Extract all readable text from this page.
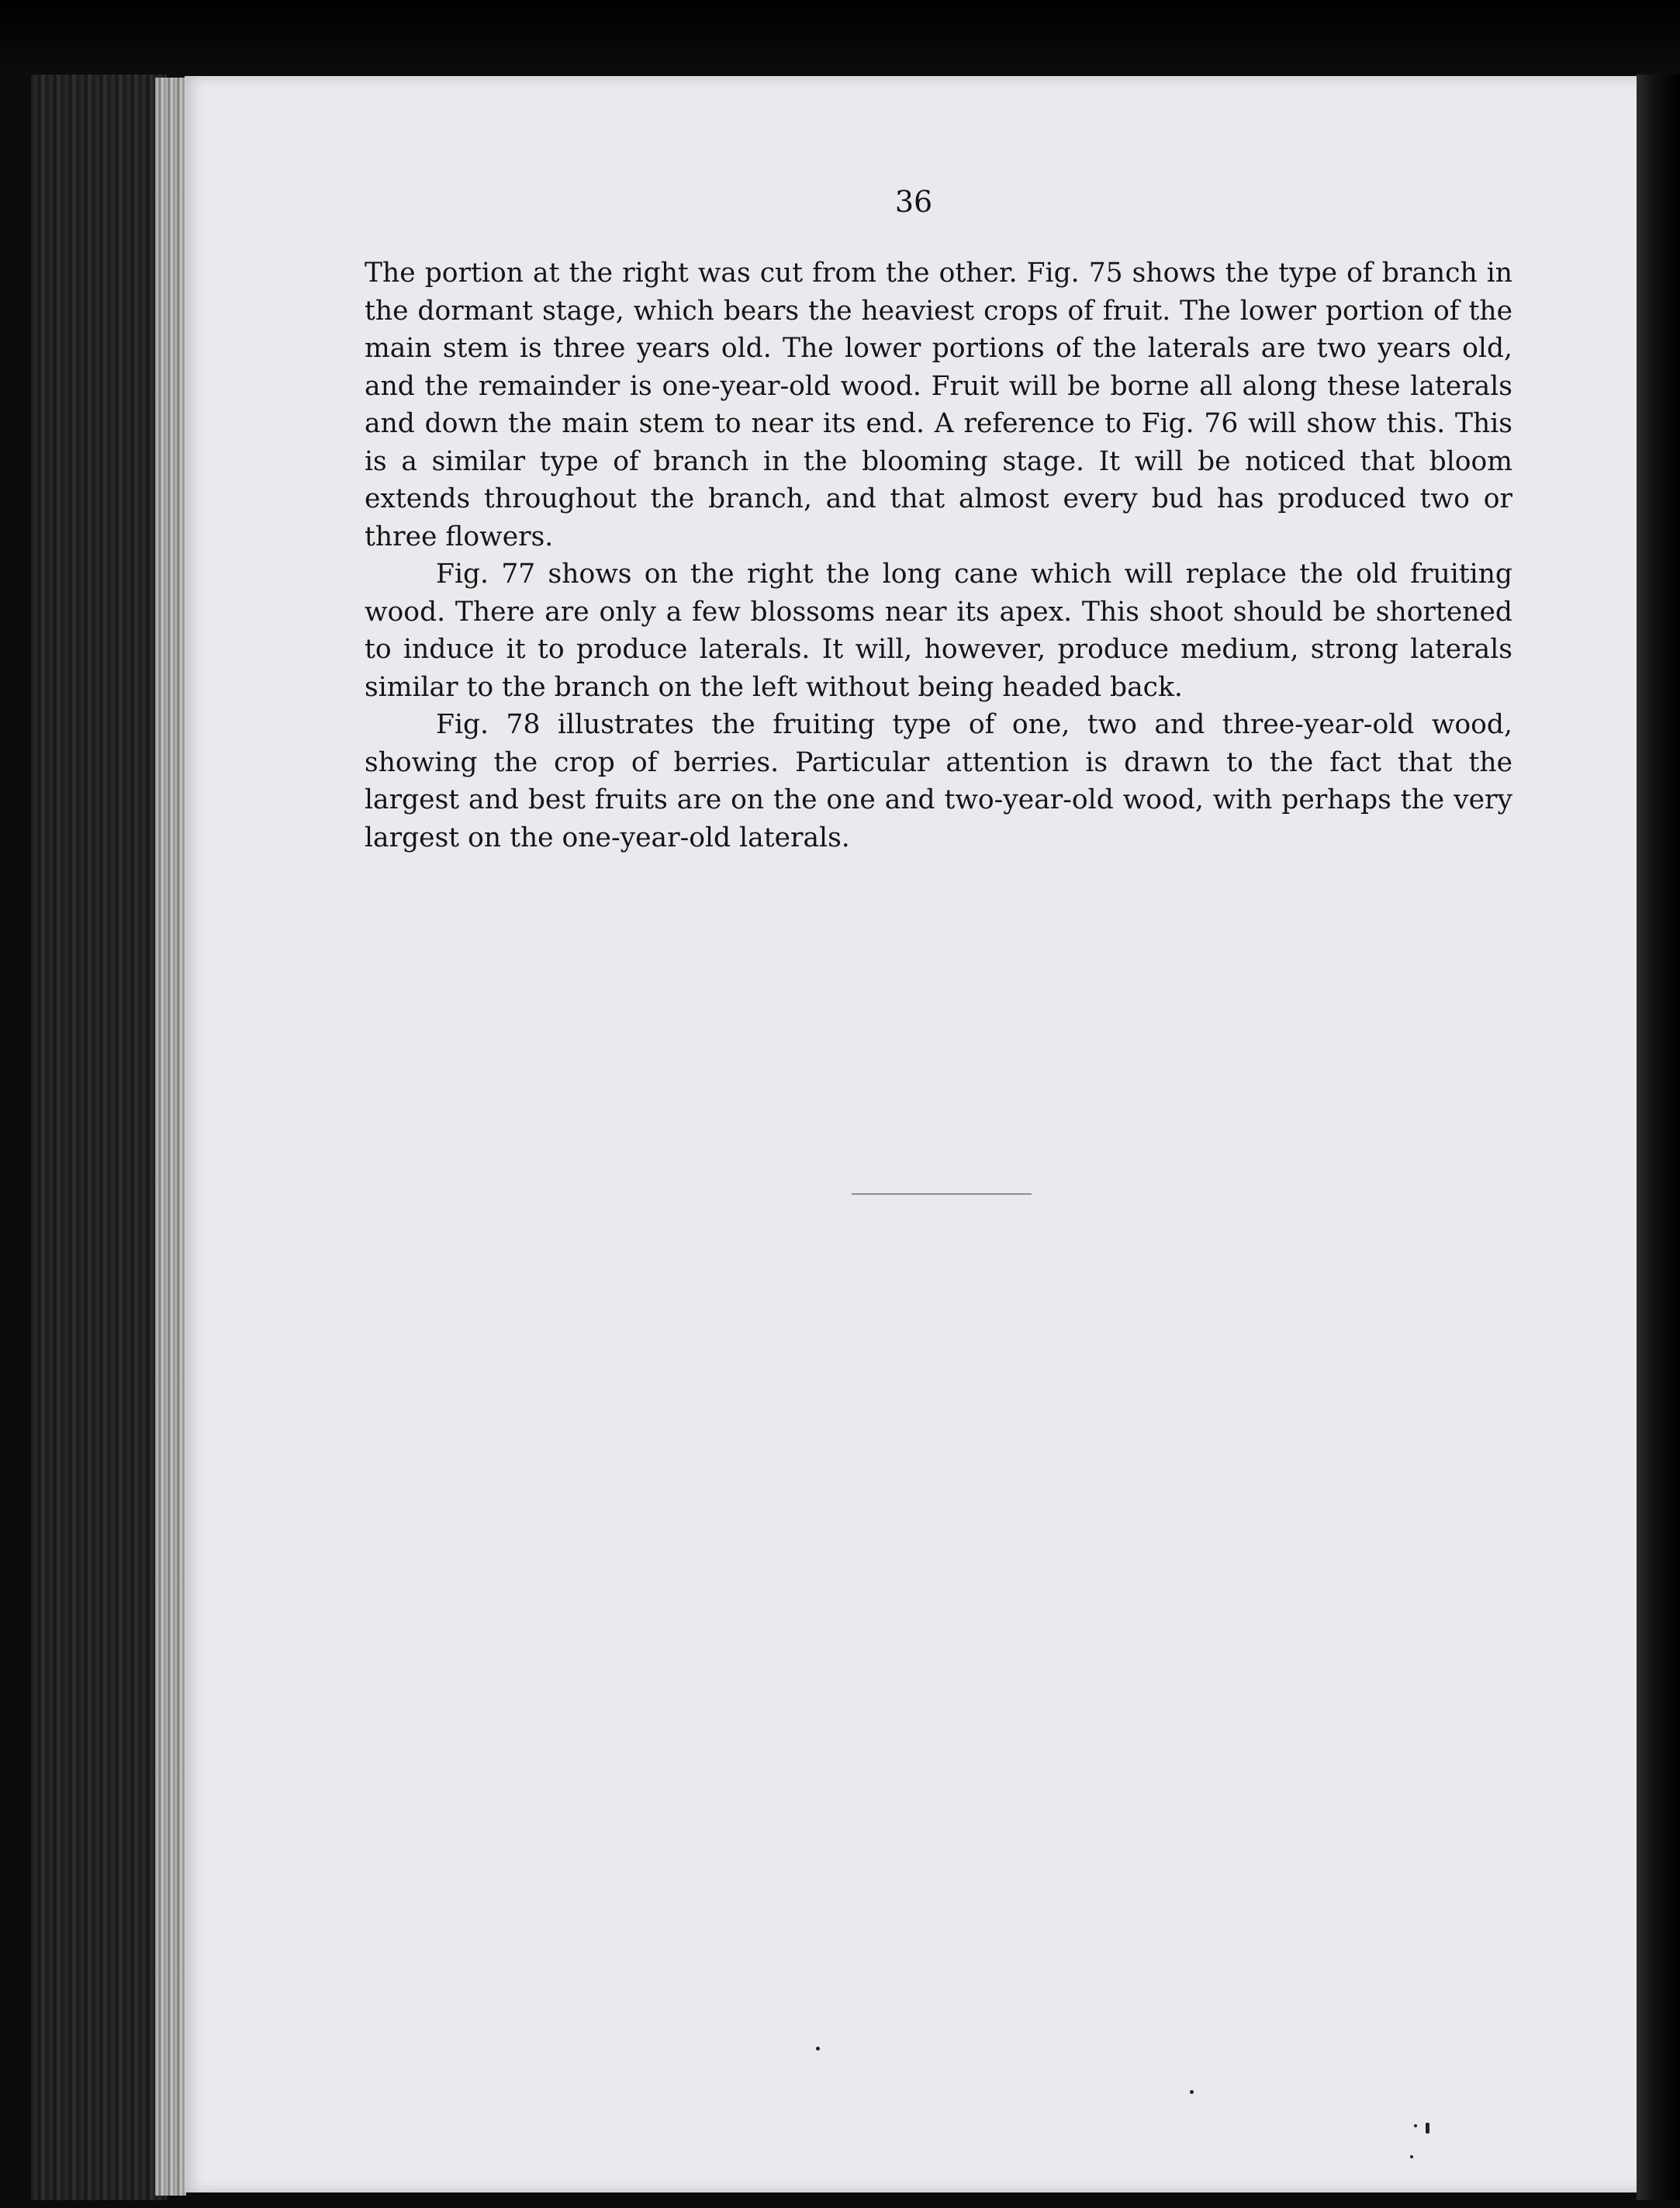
36

The portion at the right was cut from the other. Fig. 75 shows the type of branch in the dormant stage, which bears the heaviest crops of fruit. The lower portion of the main stem is three years old. The lower portions of the laterals are two years old, and the remainder is one-year-old wood. Fruit will be borne all along these laterals and down the main stem to near its end. A reference to Fig. 76 will show this. This is a similar type of branch in the blooming stage. It will be noticed that bloom extends throughout the branch, and that almost every bud has produced two or three flowers.

Fig. 77 shows on the right the long cane which will replace the old fruiting wood. There are only a few blossoms near its apex. This shoot should be shortened to induce it to produce laterals. It will, however, produce medium, strong laterals similar to the branch on the left without being headed back.

Fig. 78 illustrates the fruiting type of one, two and three-year-old wood, showing the crop of berries. Particular attention is drawn to the fact that the largest and best fruits are on the one and two-year-old wood, with perhaps the very largest on the one-year-old laterals.
